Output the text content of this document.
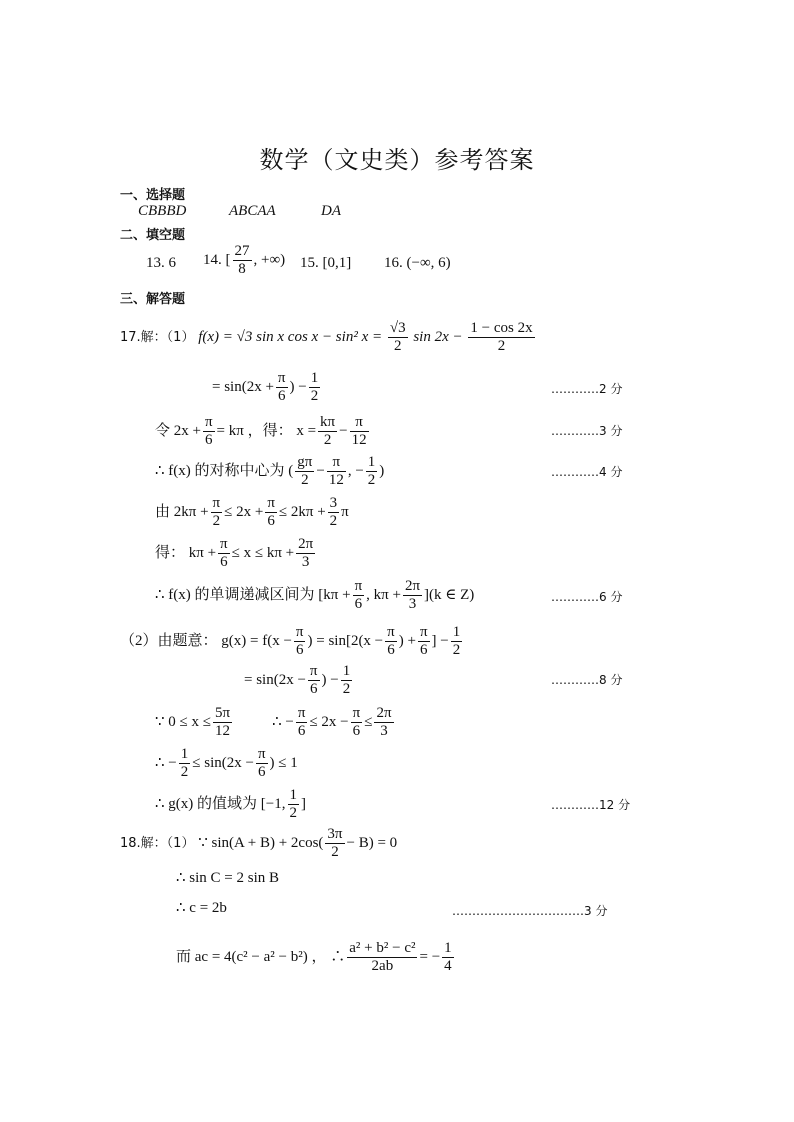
数学（文史类）参考答案
一、选择题
CBBBD	ABCAA	DA
二、填空题
13. 6 14. [ $\frac{27}{8}$ , +∞) 15. [0,1] 16. (−∞, 6)
三、解答题
17.解：（1） f(x) = √3 sin x cos x − sin² $x = \frac{√3}{2}$ $\sin 2x - \frac{1 - \cos 2x}{2}$
= $\sin(2x + \frac{\pi}{6}$ ) − $\frac{1}{2}$	…………2 分
令 $2x + \frac{\pi}{6} = k\pi$ ，得： $x = \frac{k\pi}{2} - \frac{\pi}{12}$	…………3 分
∴ f(x) 的对称中心为 ( $\frac{g\pi}{2} - \frac{\pi}{12}$ , − $\frac{1}{2}$ )	…………4 分
由 $2k\pi + \frac{\pi}{2} \le 2x + \frac{\pi}{6} \le 2k\pi + \frac{3}{2}$ π
得： $k\pi + \frac{\pi}{6} \le x \le k\pi + \frac{2\pi}{3}$
∴ f(x) 的单调递减区间为 [$k\pi + \frac{\pi}{6}$ , $k\pi + \frac{2\pi}{3} ](k$ ∈ Z)	…………6 分
（2）由题意： $g(x) = f(x - \frac{\pi}{6}$ ) = $\sin[2(x - \frac{\pi}{6}$ ) + $\frac{\pi}{6}$ ] − $\frac{1}{2}$
= $\sin(2x - \frac{\pi}{6}$ ) − $\frac{1}{2}$	…………8 分
∵ $0 \le x \le \frac{5\pi}{12}$	∴ − $\frac{\pi}{6} \le 2x - \frac{\pi}{6} \le \frac{2\pi}{3}$
∴ − $\frac{1}{2} \le \sin(2x - \frac{\pi}{6}$ ) ≤ 1
∴ g(x) 的值域为 [−1, $\frac{1}{2}$ ]	…………12 分
18.解：（1） ∵ $\sin(A + B) + 2\cos( \frac{3\pi}{2} - B) = 0$
∴ sin C = 2 sin B
∴ c = 2b	……………………………3 分
而 ac = 4(c² − a² − b²) ， ∴ $\frac{\text{a² + b² − c²}}{2ab}$ = − $\frac{1}{4}$
